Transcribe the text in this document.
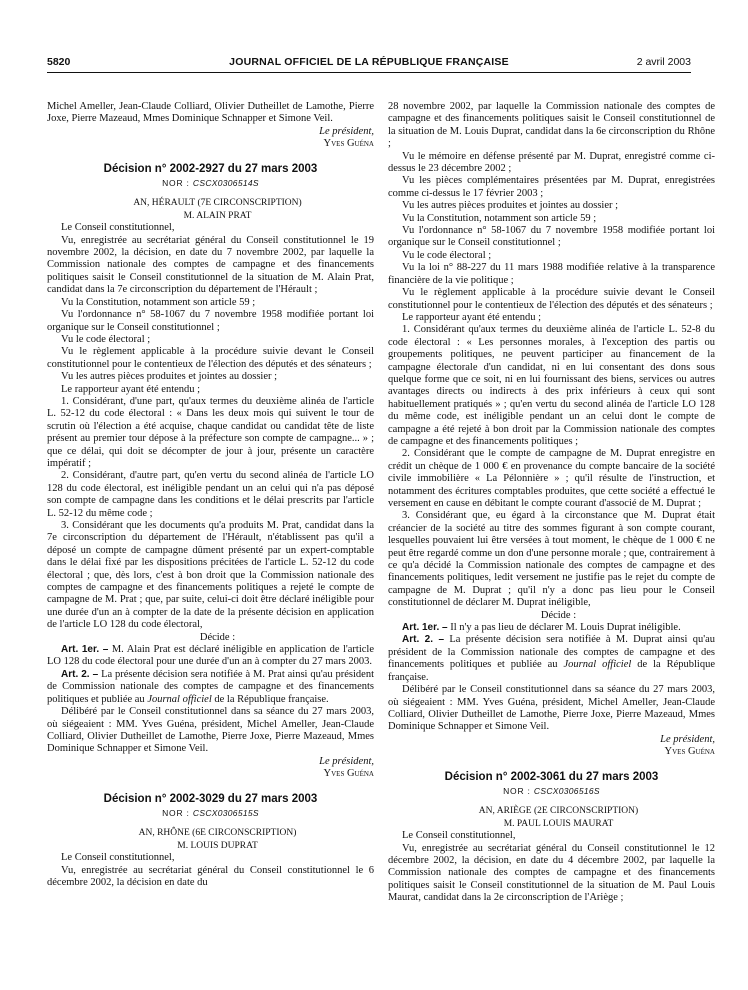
5820	JOURNAL OFFICIEL DE LA RÉPUBLIQUE FRANÇAISE	2 avril 2003

Michel Ameller, Jean-Claude Colliard, Olivier Dutheillet de Lamothe, Pierre Joxe, Pierre Mazeaud, Mmes Dominique Schnapper et Simone Veil.

Le président,

Yves Guéna

Décision n° 2002-2927 du 27 mars 2003
NOR : CSCX0306514S

AN, HÉRAULT (7E CIRCONSCRIPTION)

M. ALAIN PRAT

Le Conseil constitutionnel,

Vu, enregistrée au secrétariat général du Conseil constitutionnel le 19 novembre 2002, la décision, en date du 7 novembre 2002, par laquelle la Commission nationale des comptes de campagne et des financements politiques saisit le Conseil constitutionnel de la situation de M. Alain Prat, candidat dans la 7e circonscription du département de l'Hérault ;

Vu la Constitution, notamment son article 59 ;

Vu l'ordonnance n° 58-1067 du 7 novembre 1958 modifiée portant loi organique sur le Conseil constitutionnel ;

Vu le code électoral ;

Vu le règlement applicable à la procédure suivie devant le Conseil constitutionnel pour le contentieux de l'élection des députés et des sénateurs ;

Vu les autres pièces produites et jointes au dossier ;

Le rapporteur ayant été entendu ;

1. Considérant, d'une part, qu'aux termes du deuxième alinéa de l'article L. 52-12 du code électoral : « Dans les deux mois qui suivent le tour de scrutin où l'élection a été acquise, chaque candidat ou candidat tête de liste présent au premier tour dépose à la préfecture son compte de campagne... » ; que ce délai, qui doit se décompter de jour à jour, présente un caractère impératif ;

2. Considérant, d'autre part, qu'en vertu du second alinéa de l'article LO 128 du code électoral, est inéligible pendant un an celui qui n'a pas déposé son compte de campagne dans les conditions et le délai prescrits par l'article L. 52-12 du même code ;

3. Considérant que les documents qu'a produits M. Prat, candidat dans la 7e circonscription du département de l'Hérault, n'établissent pas qu'il a déposé un compte de campagne dûment présenté par un expert-comptable dans le délai fixé par les dispositions précitées de l'article L. 52-12 du code électoral ; que, dès lors, c'est à bon droit que la Commission nationale des comptes de campagne et des financements politiques a rejeté le compte de campagne de M. Prat ; que, par suite, celui-ci doit être déclaré inéligible pour une durée d'un an à compter de la date de la présente décision en application de l'article LO 128 du code électoral,

Décide :

Art. 1er. – M. Alain Prat est déclaré inéligible en application de l'article LO 128 du code électoral pour une durée d'un an à compter du 27 mars 2003.

Art. 2. – La présente décision sera notifiée à M. Prat ainsi qu'au président de Commission nationale des comptes de campagne et des financements politiques et publiée au Journal officiel de la République française.

Délibéré par le Conseil constitutionnel dans sa séance du 27 mars 2003, où siégeaient : MM. Yves Guéna, président, Michel Ameller, Jean-Claude Colliard, Olivier Dutheillet de Lamothe, Pierre Joxe, Pierre Mazeaud, Mmes Dominique Schnapper et Simone Veil.

Le président,

Yves Guéna

Décision n° 2002-3029 du 27 mars 2003
NOR : CSCX0306515S

AN, RHÔNE (6E CIRCONSCRIPTION)

M. LOUIS DUPRAT

Le Conseil constitutionnel,

Vu, enregistrée au secrétariat général du Conseil constitutionnel le 6 décembre 2002, la décision en date du

28 novembre 2002, par laquelle la Commission nationale des comptes de campagne et des financements politiques saisit le Conseil constitutionnel de la situation de M. Louis Duprat, candidat dans la 6e circonscription du Rhône ;

Vu le mémoire en défense présenté par M. Duprat, enregistré comme ci-dessus le 23 décembre 2002 ;

Vu les pièces complémentaires présentées par M. Duprat, enregistrées comme ci-dessus le 17 février 2003 ;

Vu les autres pièces produites et jointes au dossier ;

Vu la Constitution, notamment son article 59 ;

Vu l'ordonnance n° 58-1067 du 7 novembre 1958 modifiée portant loi organique sur le Conseil constitutionnel ;

Vu le code électoral ;

Vu la loi n° 88-227 du 11 mars 1988 modifiée relative à la transparence financière de la vie politique ;

Vu le règlement applicable à la procédure suivie devant le Conseil constitutionnel pour le contentieux de l'élection des députés et des sénateurs ;

Le rapporteur ayant été entendu ;

1. Considérant qu'aux termes du deuxième alinéa de l'article L. 52-8 du code électoral : « Les personnes morales, à l'exception des partis ou groupements politiques, ne peuvent participer au financement de la campagne électorale d'un candidat, ni en lui consentant des dons sous quelque forme que ce soit, ni en lui fournissant des biens, services ou autres avantages directs ou indirects à des prix inférieurs à ceux qui sont habituellement pratiqués » ; qu'en vertu du second alinéa de l'article LO 128 du même code, est inéligible pendant un an celui dont le compte de campagne a été rejeté à bon droit par la Commission nationale des comptes de campagne et des financements politiques ;

2. Considérant que le compte de campagne de M. Duprat enregistre en crédit un chèque de 1 000 € en provenance du compte bancaire de la société civile immobilière « La Pélonnière » ; qu'il résulte de l'instruction, et notamment des écritures comptables produites, que cette société a effectué le versement en cause en débitant le compte courant d'associé de M. Duprat ;

3. Considérant que, eu égard à la circonstance que M. Duprat était créancier de la société au titre des sommes figurant à son compte courant, lesquelles pouvaient lui être versées à tout moment, le chèque de 1 000 € ne peut être regardé comme un don d'une personne morale ; que, contrairement à ce qu'a décidé la Commission nationale des comptes de campagne et des financements politiques, ledit versement ne justifie pas le rejet du compte de campagne de M. Duprat ; qu'il n'y a donc pas lieu pour le Conseil constitutionnel de déclarer M. Duprat inéligible,

Décide :

Art. 1er. – Il n'y a pas lieu de déclarer M. Louis Duprat inéligible.

Art. 2. – La présente décision sera notifiée à M. Duprat ainsi qu'au président de la Commission nationale des comptes de campagne et des financements politiques et publiée au Journal officiel de la République française.

Délibéré par le Conseil constitutionnel dans sa séance du 27 mars 2003, où siégeaient : MM. Yves Guéna, président, Michel Ameller, Jean-Claude Colliard, Olivier Dutheillet de Lamothe, Pierre Joxe, Pierre Mazeaud, Mmes Dominique Schnapper et Simone Veil.

Le président,

Yves Guéna

Décision n° 2002-3061 du 27 mars 2003
NOR : CSCX0306516S

AN, ARIÈGE (2E CIRCONSCRIPTION)

M. PAUL LOUIS MAURAT

Le Conseil constitutionnel,

Vu, enregistrée au secrétariat général du Conseil constitutionnel le 12 décembre 2002, la décision, en date du 4 décembre 2002, par laquelle la Commission nationale des comptes de campagne et des financements politiques saisit le Conseil constitutionnel de la situation de M. Paul Louis Maurat, candidat dans la 2e circonscription de l'Ariège ;
